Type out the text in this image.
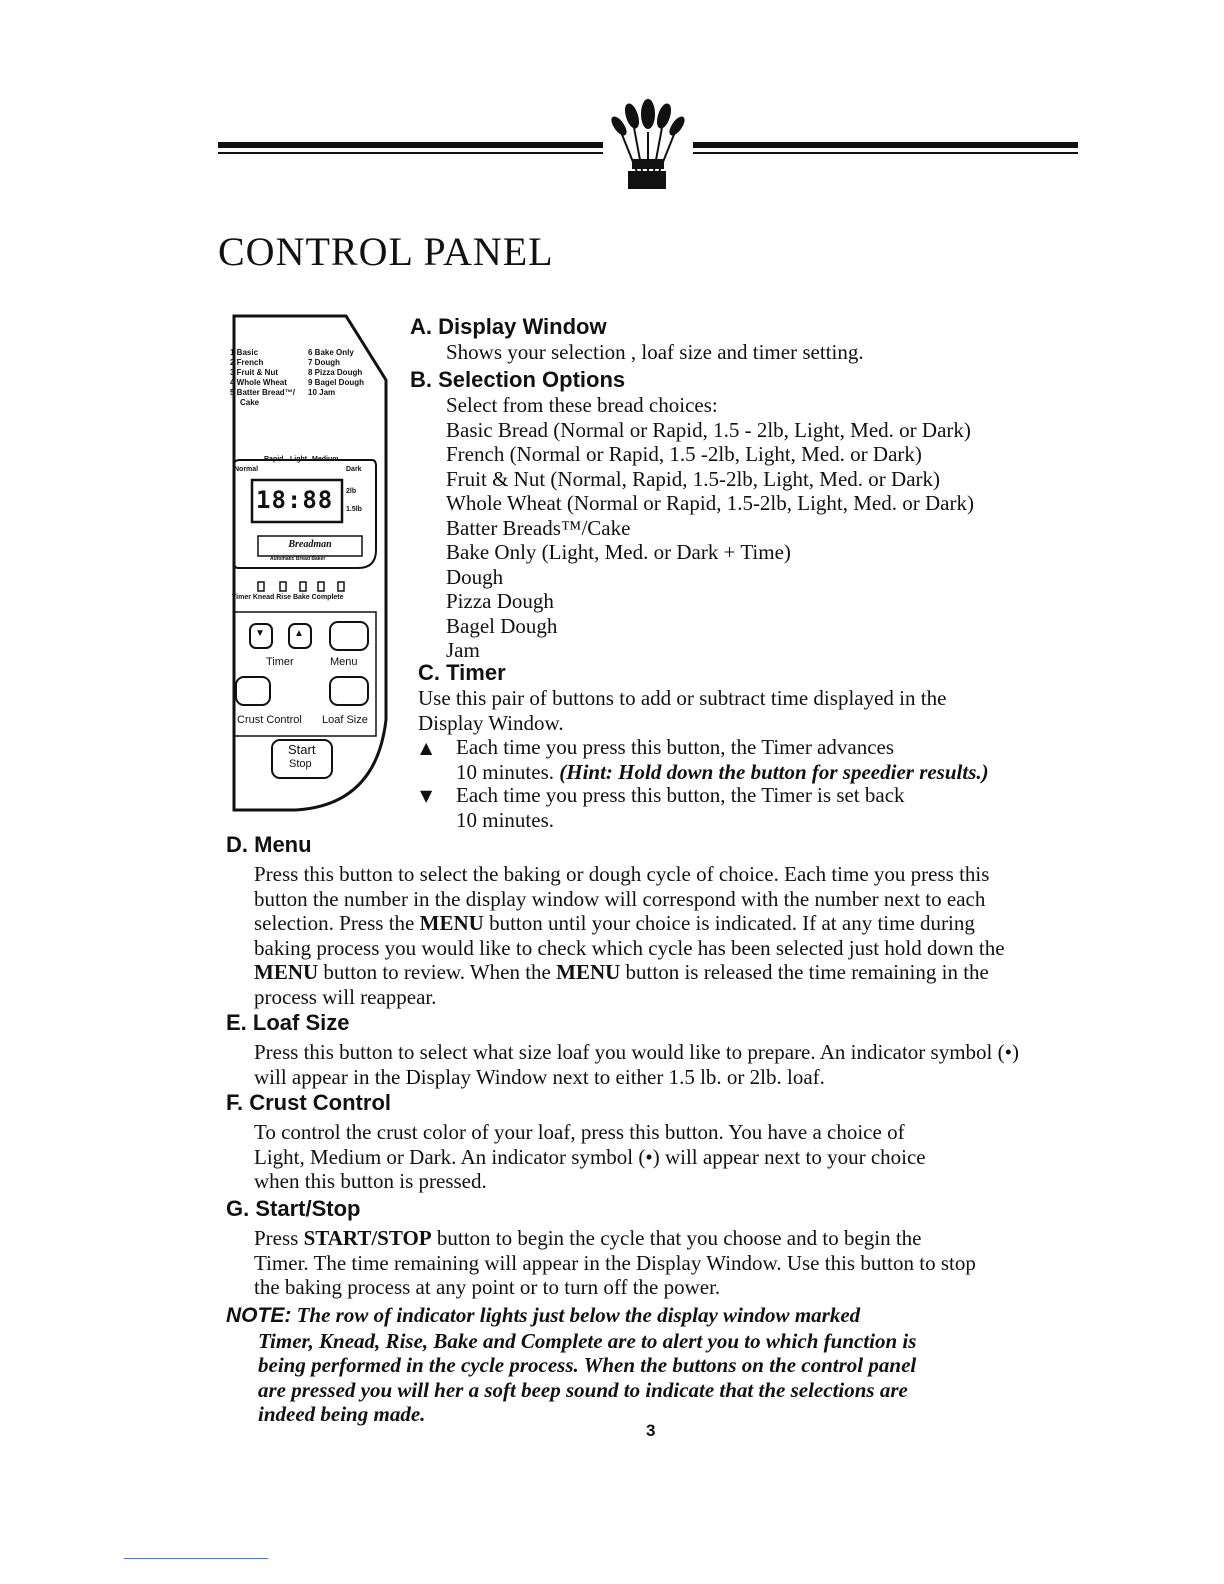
CONTROL PANEL
1 Basic
2 French
3 Fruit & Nut
4 Whole Wheat
5 Batter Bread™/
Cake
6 Bake Only
7 Dough
8 Pizza Dough
9 Bagel Dough
10 Jam
Rapid Light Medium
Normal	Dark
18:88 2lb
1.5lb
Breadman
Automatic Bread Baker
Timer Knead Rise Bake Complete
▼	▲
Timer	Menu
Crust Control Loaf Size
Start
Stop
A. Display Window
Shows your selection , loaf size and timer setting.
B. Selection Options
Select from these bread choices:
Basic Bread (Normal or Rapid, 1.5 - 2lb, Light, Med. or Dark)
French (Normal or Rapid, 1.5 -2lb, Light, Med. or Dark)
Fruit & Nut (Normal, Rapid, 1.5-2lb, Light, Med. or Dark)
Whole Wheat (Normal or Rapid, 1.5-2lb, Light, Med. or Dark)
Batter Breads™/Cake
Bake Only (Light, Med. or Dark + Time)
Dough
Pizza Dough
Bagel Dough
Jam
C. Timer
Use this pair of buttons to add or subtract time displayed in the
Display Window.
▲ Each time you press this button, the Timer advances
10 minutes. (Hint: Hold down the button for speedier results.)
▼ Each time you press this button, the Timer is set back
10 minutes.
D. Menu
Press this button to select the baking or dough cycle of choice. Each time you press this
button the number in the display window will correspond with the number next to each
selection. Press the MENU button until your choice is indicated. If at any time during
baking process you would like to check which cycle has been selected just hold down the
MENU button to review. When the MENU button is released the time remaining in the
process will reappear.
E. Loaf Size
Press this button to select what size loaf you would like to prepare. An indicator symbol (•)
will appear in the Display Window next to either 1.5 lb. or 2lb. loaf.
F. Crust Control
To control the crust color of your loaf, press this button. You have a choice of
Light, Medium or Dark. An indicator symbol (•) will appear next to your choice
when this button is pressed.
G. Start/Stop
Press START/STOP button to begin the cycle that you choose and to begin the
Timer. The time remaining will appear in the Display Window. Use this button to stop
the baking process at any point or to turn off the power.
NOTE: The row of indicator lights just below the display window marked
Timer, Knead, Rise, Bake and Complete are to alert you to which function is
being performed in the cycle process. When the buttons on the control panel
are pressed you will her a soft beep sound to indicate that the selections are
indeed being made.
3
